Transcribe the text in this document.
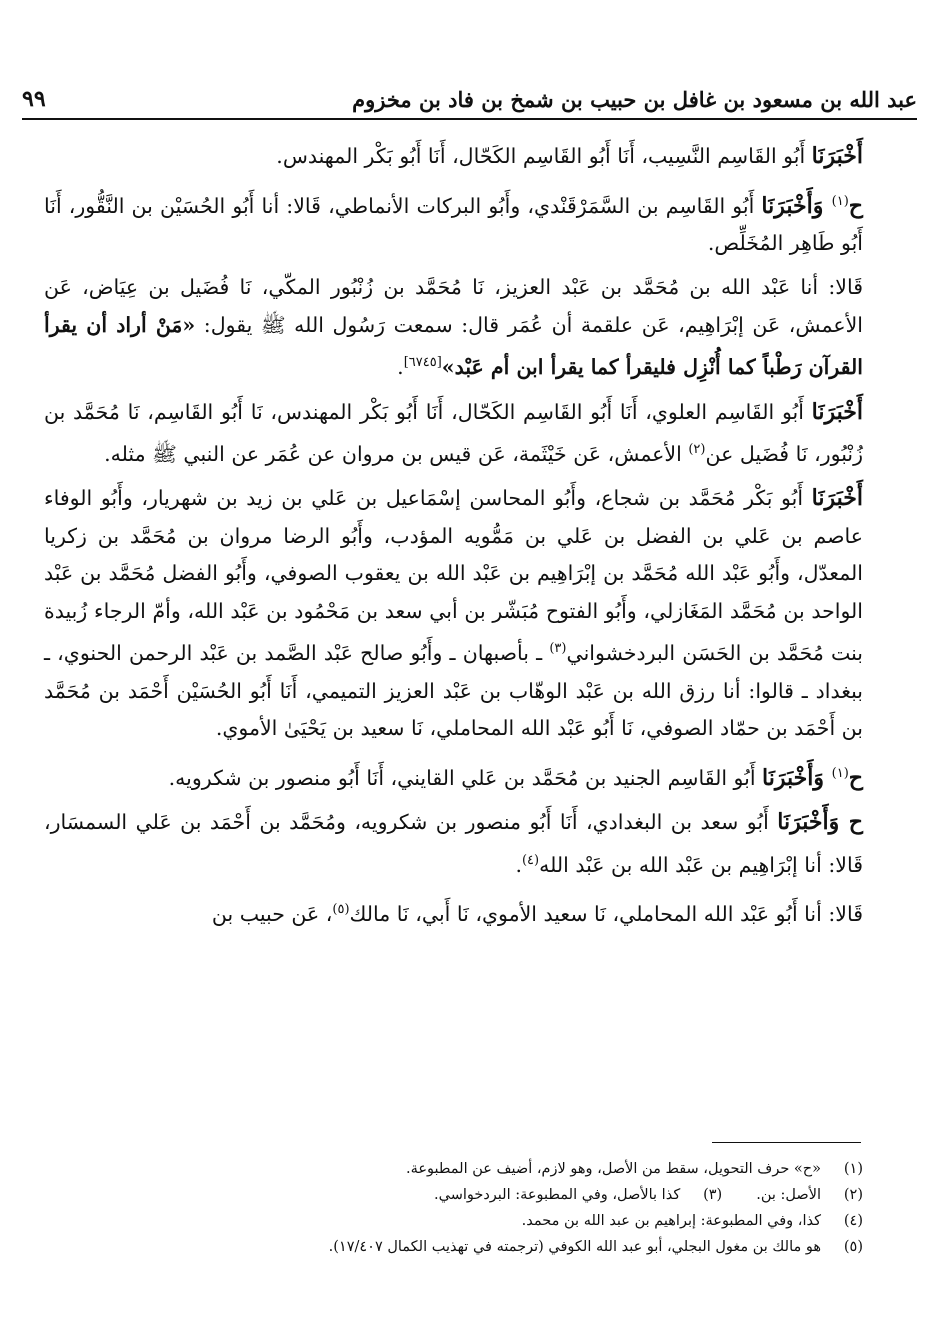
عبد الله بن مسعود بن غافل بن حبيب بن شمخ بن فاد بن مخزوم
٩٩

أَخْبَرَنَا أَبُو القَاسِم النَّسِيب، أَنَا أَبُو القَاسِم الكَحّال، أَنَا أَبُو بَكْر المهندس.

ح$^{(١)}$ وَأَخْبَرَنَا أَبُو القَاسِم بن السَّمَرْقَنْدي، وأَبُو البركات الأنماطي، قَالا: أنا أَبُو الحُسَيْن بن النَّقُّور، أَنَا أَبُو طَاهِر المُخَلِّص.

قَالا: أنا عَبْد الله بن مُحَمَّد بن عَبْد العزيز، نَا مُحَمَّد بن زُنْبُور المكّي، نَا فُضَيل بن عِيَاض، عَن الأعمش، عَن إبْرَاهِيم، عَن علقمة أن عُمَر قال: سمعت رَسُول الله ﷺ يقول: «مَنْ أراد أن يقرأ القرآن رَطْباً كما أُنْزِل فليقرأ كما يقرأ ابن أم عَبْد»[٦٧٤٥].

أَخْبَرَنَا أَبُو القَاسِم العلوي، أَنَا أَبُو القَاسِم الكَحّال، أَنَا أَبُو بَكْر المهندس، نَا أَبُو القَاسِم، نَا مُحَمَّد بن زُنْبُور، نَا فُضَيل عن$^{(٢)}$ الأعمش، عَن خَيْثَمة، عَن قيس بن مروان عن عُمَر عن النبي ﷺ مثله.

أَخْبَرَنَا أَبُو بَكْر مُحَمَّد بن شجاع، وأَبُو المحاسن إسْمَاعيل بن عَلي بن زيد بن شهريار، وأَبُو الوفاء عاصم بن عَلي بن الفضل بن عَلي بن مَمُّويه المؤدب، وأَبُو الرضا مروان بن مُحَمَّد بن زكريا المعدّل، وأَبُو عَبْد الله مُحَمَّد بن إبْرَاهِيم بن عَبْد الله بن يعقوب الصوفي، وأَبُو الفضل مُحَمَّد بن عَبْد الواحد بن مُحَمَّد المَغَازلي، وأَبُو الفتوح مُبَشّر بن أبي سعد بن مَحْمُود بن عَبْد الله، وأمّ الرجاء زُبيدة بنت مُحَمَّد بن الحَسَن البردخشواني$^{(٣)}$ ـ بأصبهان ـ وأَبُو صالح عَبْد الصَّمد بن عَبْد الرحمن الحنوي، ـ ببغداد ـ قالوا: أنا رزق الله بن عَبْد الوهّاب بن عَبْد العزيز التميمي، أَنَا أَبُو الحُسَيْن أَحْمَد بن مُحَمَّد بن أَحْمَد بن حمّاد الصوفي، نَا أَبُو عَبْد الله المحاملي، نَا سعيد بن يَحْيَىٰ الأموي.

ح$^{(١)}$ وَأَخْبَرَنَا أَبُو القَاسِم الجنيد بن مُحَمَّد بن عَلي القايني، أَنَا أَبُو منصور بن شكرويه.

ح وَأَخْبَرَنَا أَبُو سعد بن البغدادي، أَنَا أَبُو منصور بن شكرويه، ومُحَمَّد بن أَحْمَد بن عَلي السمسَار، قَالا: أنا إبْرَاهِيم بن عَبْد الله بن عَبْد الله$^{(٤)}$.

قَالا: أنا أَبُو عَبْد الله المحاملي، نَا سعيد الأموي، نَا أَبي، نَا مالك$^{(٥)}$، عَن حبيب بن

(١)«ح» حرف التحويل، سقط من الأصل، وهو لازم، أضيف عن المطبوعة.

(٢)الأصل: بن.(٣)كذا بالأصل، وفي المطبوعة: البردخواسي.

(٤)كذا، وفي المطبوعة: إبراهيم بن عبد الله بن محمد.

(٥)هو مالك بن مغول البجلي، أبو عبد الله الكوفي (ترجمته في تهذيب الكمال ١٧/٤٠٧).
